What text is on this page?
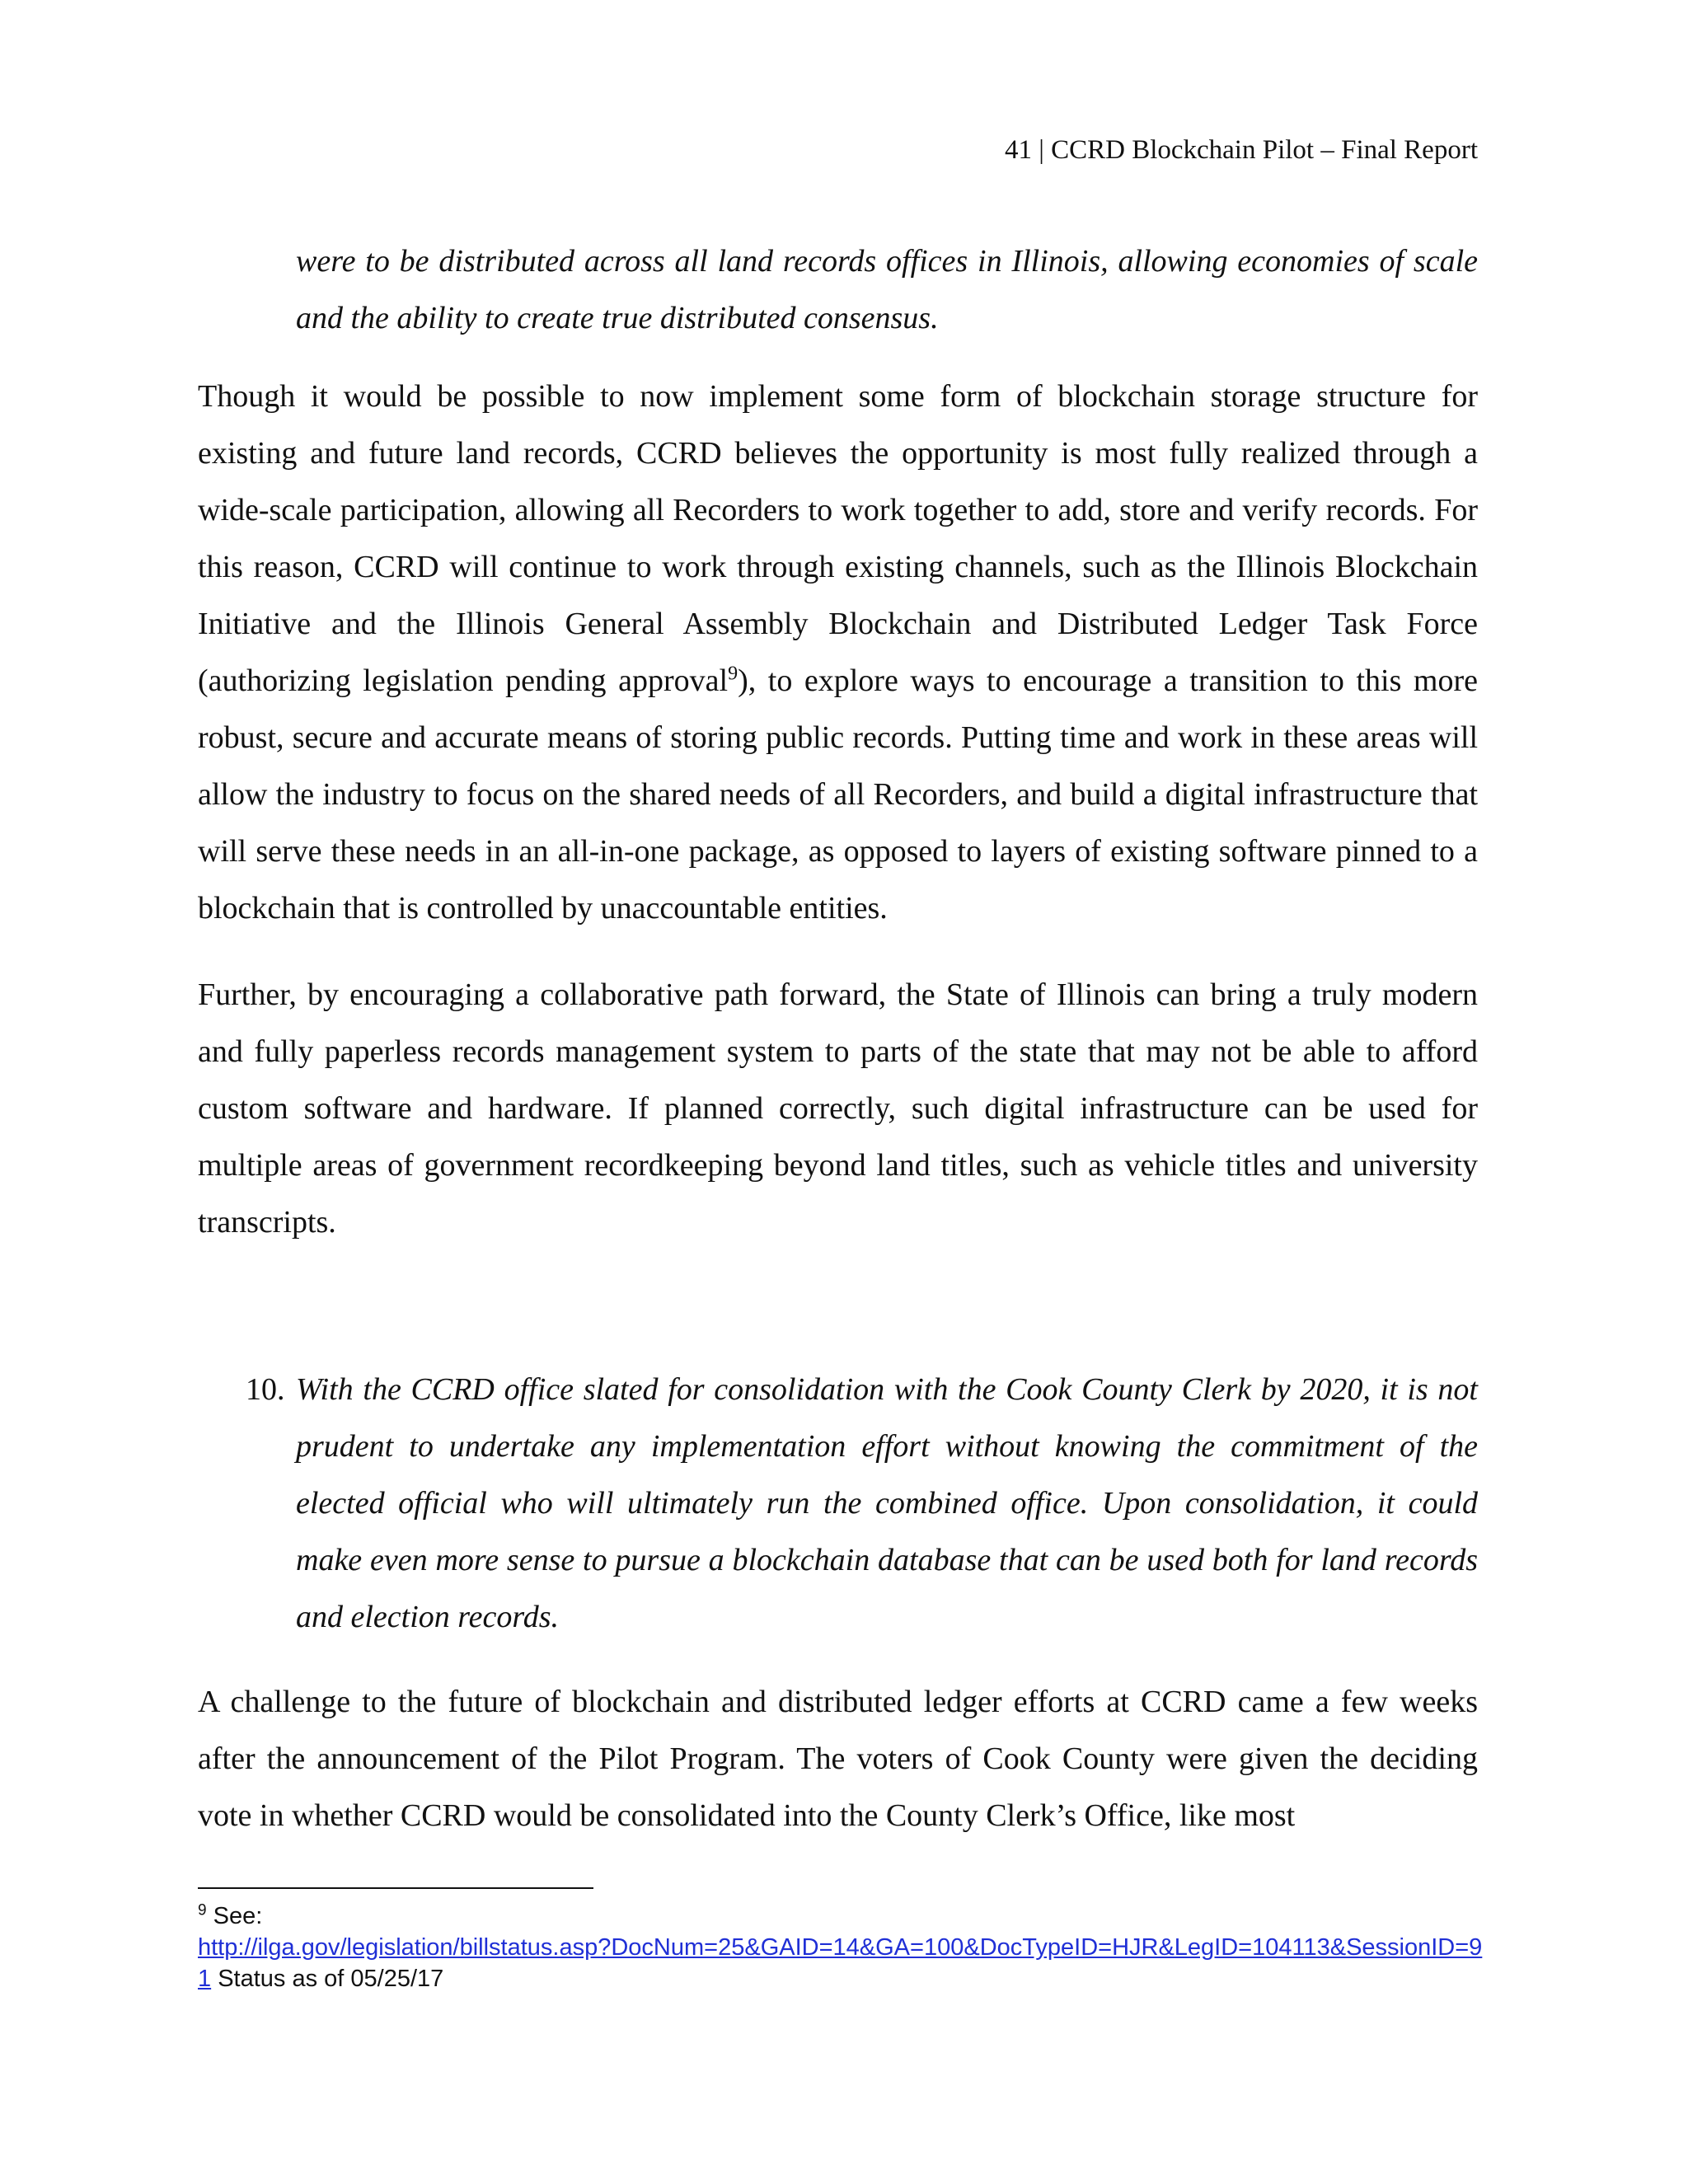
41 | CCRD Blockchain Pilot – Final Report

were to be distributed across all land records offices in Illinois, allowing economies of scale and the ability to create true distributed consensus.

Though it would be possible to now implement some form of blockchain storage structure for existing and future land records, CCRD believes the opportunity is most fully realized through a wide-scale participation, allowing all Recorders to work together to add, store and verify records. For this reason, CCRD will continue to work through existing channels, such as the Illinois Blockchain Initiative and the Illinois General Assembly Blockchain and Distributed Ledger Task Force (authorizing legislation pending approval$^9$), to explore ways to encourage a transition to this more robust, secure and accurate means of storing public records. Putting time and work in these areas will allow the industry to focus on the shared needs of all Recorders, and build a digital infrastructure that will serve these needs in an all-in-one package, as opposed to layers of existing software pinned to a blockchain that is controlled by unaccountable entities.

Further, by encouraging a collaborative path forward, the State of Illinois can bring a truly modern and fully paperless records management system to parts of the state that may not be able to afford custom software and hardware. If planned correctly, such digital infrastructure can be used for multiple areas of government recordkeeping beyond land titles, such as vehicle titles and university transcripts.

10. With the CCRD office slated for consolidation with the Cook County Clerk by 2020, it is not prudent to undertake any implementation effort without knowing the commitment of the elected official who will ultimately run the combined office. Upon consolidation, it could make even more sense to pursue a blockchain database that can be used both for land records and election records.

A challenge to the future of blockchain and distributed ledger efforts at CCRD came a few weeks after the announcement of the Pilot Program. The voters of Cook County were given the deciding vote in whether CCRD would be consolidated into the County Clerk’s Office, like most

$^9$ See:
http://ilga.gov/legislation/billstatus.asp?DocNum=25&GAID=14&GA=100&DocTypeID=HJR&LegID=104113&SessionID=91 Status as of 05/25/17
